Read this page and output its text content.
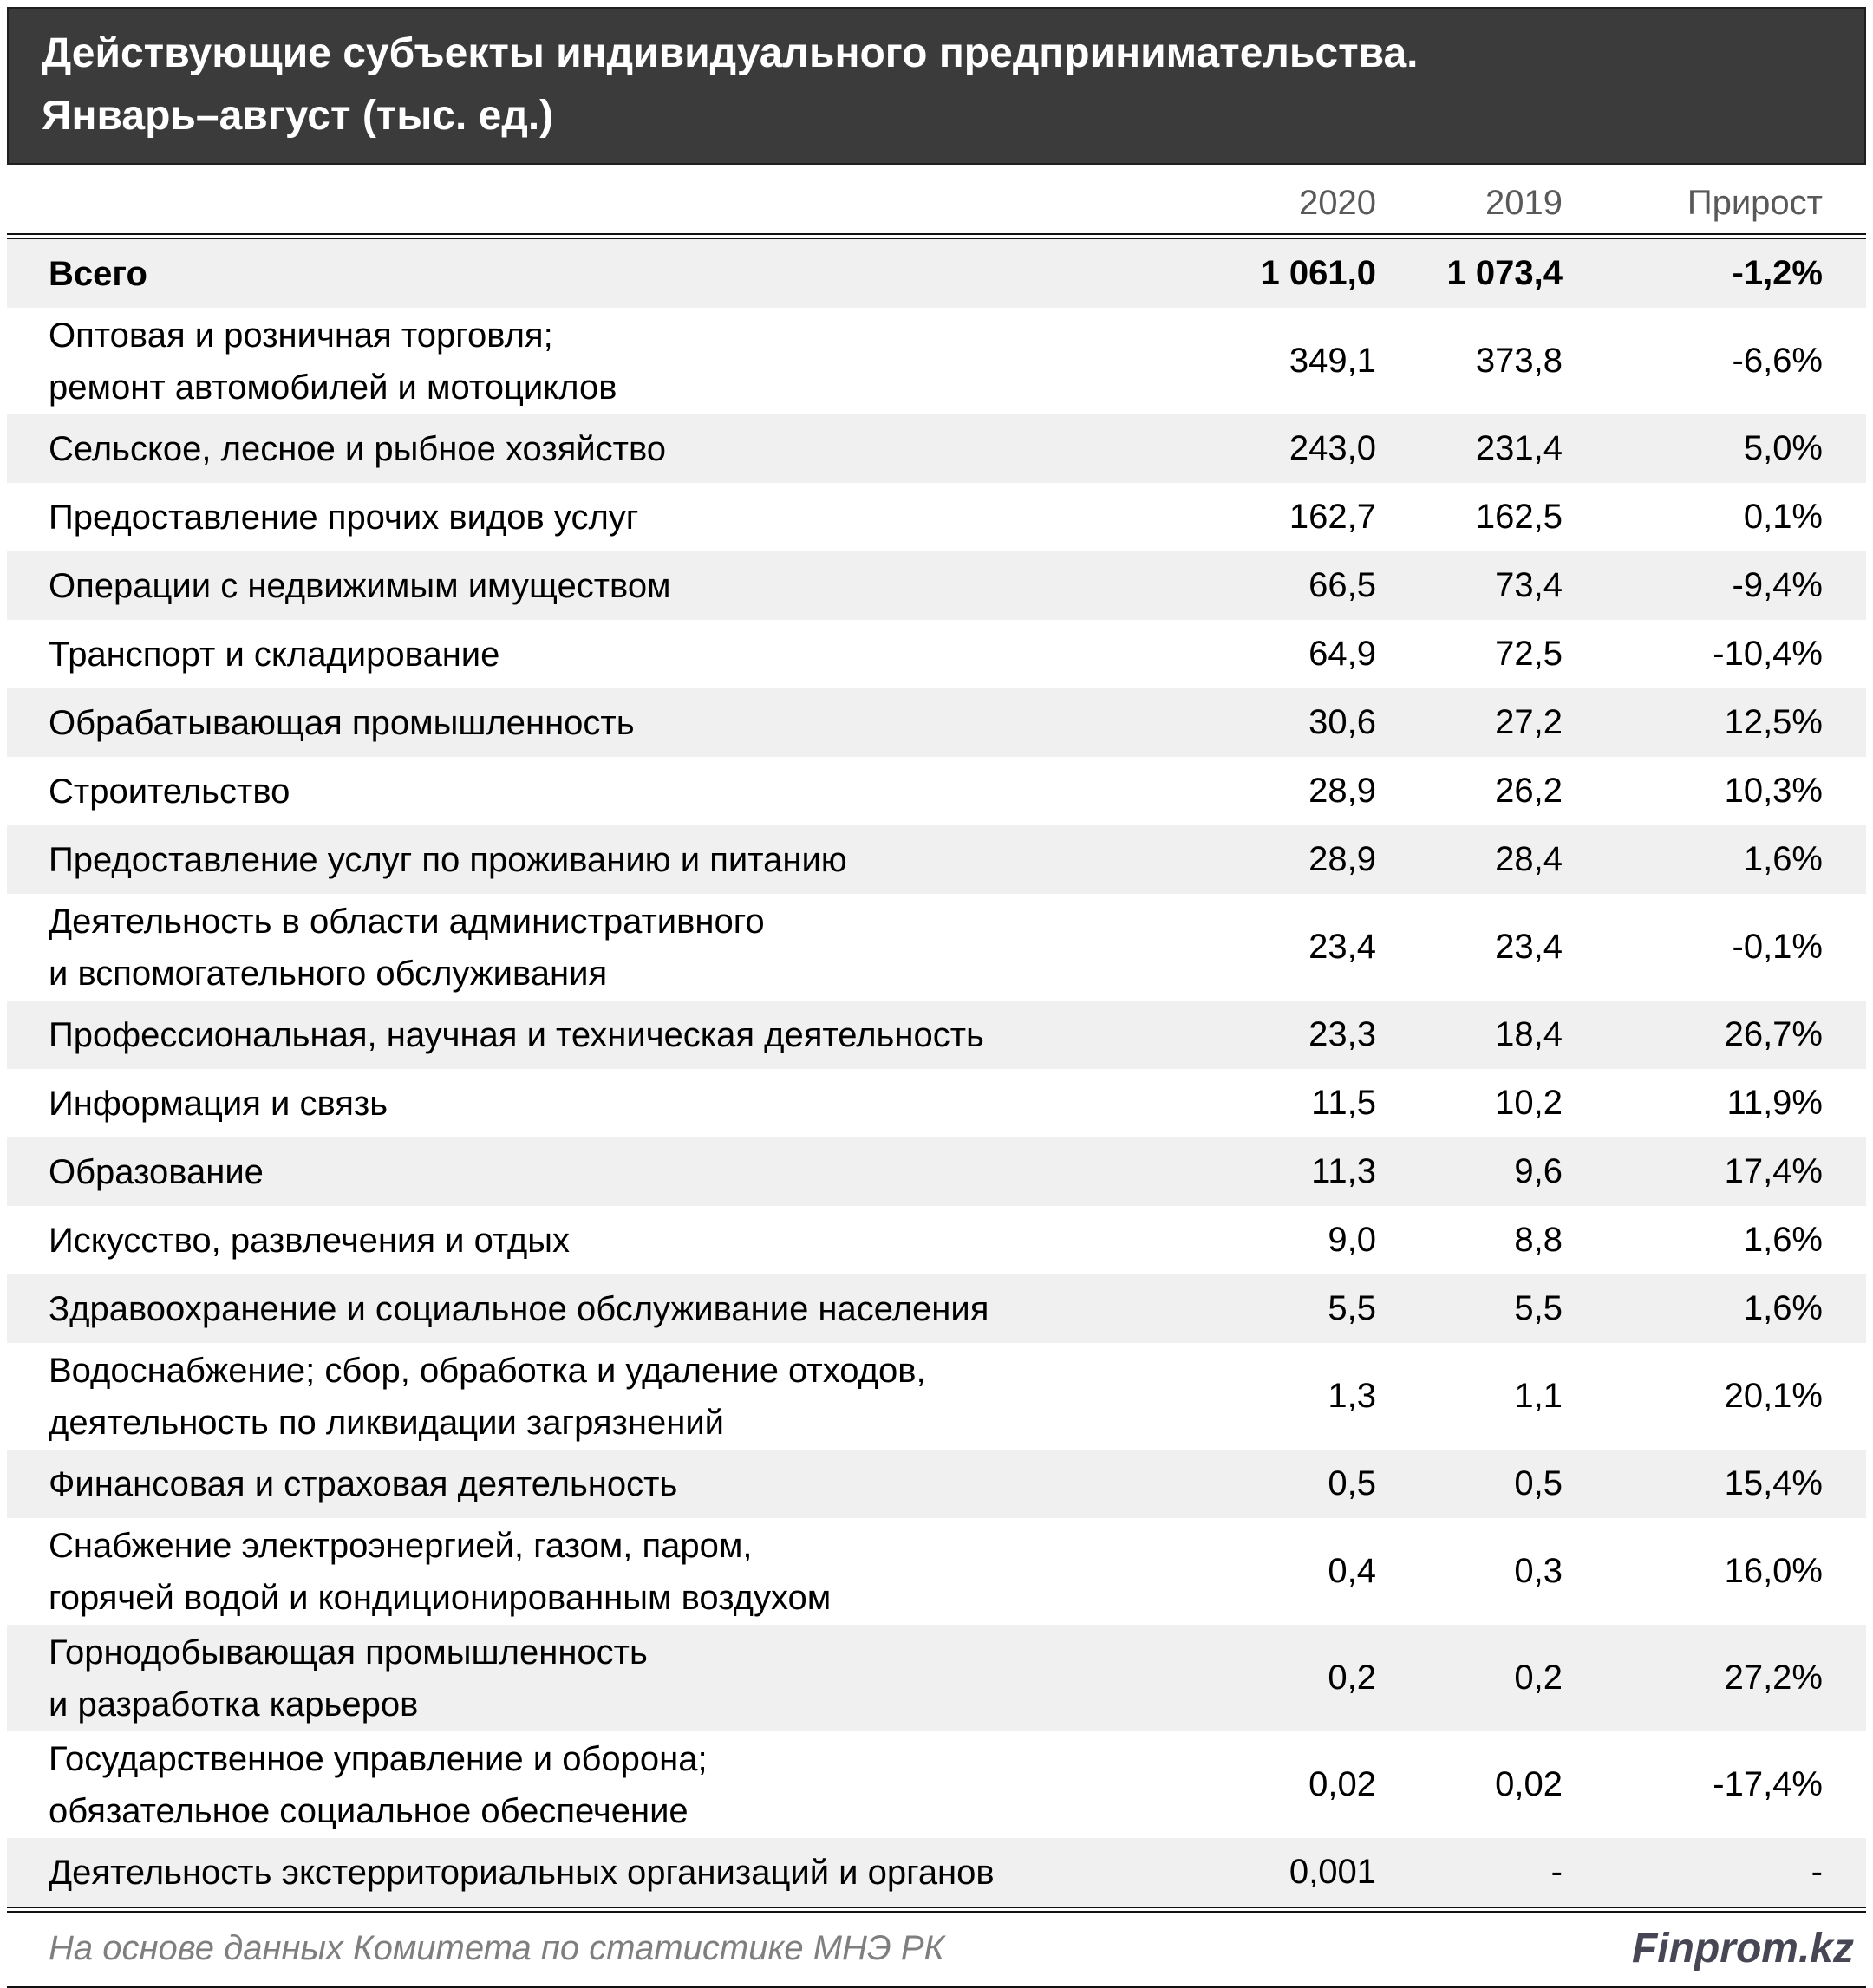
Действующие субъекты индивидуального предпринимательства.
Январь–август (тыс. ед.)
2020	2019	Прирост
Всего	1 061,0	1 073,4	-1,2%
Оптовая и розничная торговля;
ремонт автомобилей и мотоциклов
349,1	373,8	-6,6%
Сельское, лесное и рыбное хозяйство	243,0	231,4	5,0%
Предоставление прочих видов услуг	162,7	162,5	0,1%
Операции с недвижимым имуществом	66,5	73,4	-9,4%
Транспорт и складирование	64,9	72,5	-10,4%
Обрабатывающая промышленность	30,6	27,2	12,5%
Строительство	28,9	26,2	10,3%
Предоставление услуг по проживанию и питанию	28,9	28,4	1,6%
Деятельность в области административного
и вспомогательного обслуживания
23,4	23,4	-0,1%
Профессиональная, научная и техническая деятельность	23,3	18,4	26,7%
Информация и связь	11,5	10,2	11,9%
Образование	11,3	9,6	17,4%
Искусство, развлечения и отдых	9,0	8,8	1,6%
Здравоохранение и социальное обслуживание населения	5,5	5,5	1,6%
Водоснабжение; сбор, обработка и удаление отходов,
деятельность по ликвидации загрязнений
1,3	1,1	20,1%
Финансовая и страховая деятельность	0,5	0,5	15,4%
Снабжение электроэнергией, газом, паром,
горячей водой и кондиционированным воздухом
0,4	0,3	16,0%
Горнодобывающая промышленность
и разработка карьеров
0,2	0,2	27,2%
Государственное управление и оборона;
обязательное социальное обеспечение
0,02	0,02	-17,4%
Деятельность экстерриториальных организаций и органов	0,001	-	-
На основе данных Комитета по статистике МНЭ РК	Finprom.kz
